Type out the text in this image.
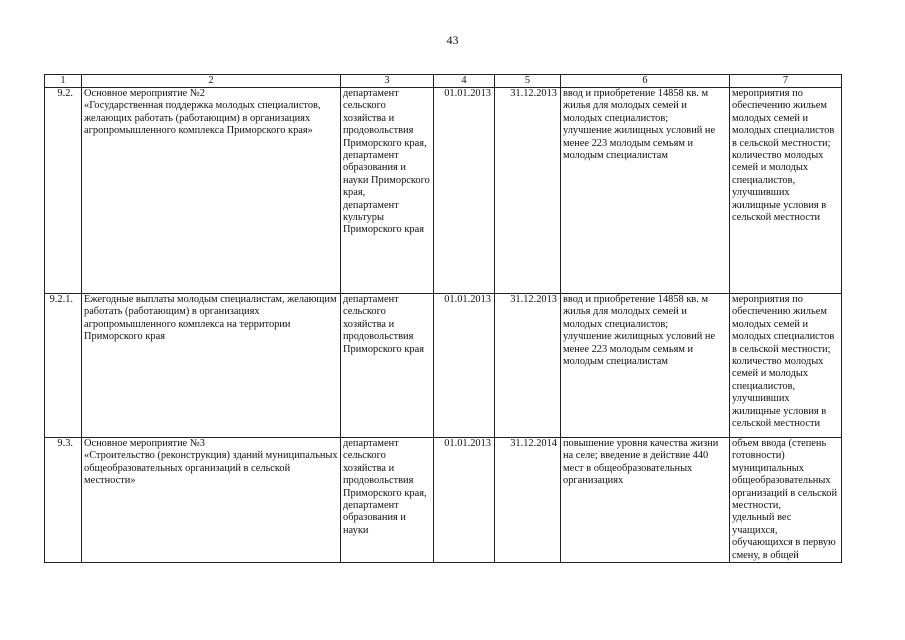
43
1	2	3	4	5	6	7
9.2.	Основное мероприятие №2
«Государственная поддержка молодых специалистов, желающих работать (работающим) в организациях агропромышленного комплекса Приморского края»	департамент сельского хозяйства и продовольствия Приморского края,
департамент образования и науки Приморского края,
департамент культуры Приморского края	01.01.2013	31.12.2013	ввод и приобретение 14858 кв. м жилья для молодых семей и молодых специалистов;
улучшение жилищных условий не менее 223 молодым семьям и молодым специалистам	мероприятия по обеспечению жильем молодых семей и молодых специалистов в сельской местности;
количество молодых семей и молодых специалистов, улучшивших жилищные условия в сельской местности
9.2.1.	Ежегодные выплаты молодым специалистам, желающим работать (работающим) в организациях агропромышленного комплекса на территории Приморского края	департамент сельского хозяйства и продовольствия Приморского края	01.01.2013	31.12.2013	ввод и приобретение 14858 кв. м жилья для молодых семей и молодых специалистов;
улучшение жилищных условий не менее 223 молодым семьям и молодым специалистам	мероприятия по обеспечению жильем молодых семей и молодых специалистов в сельской местности;
количество молодых семей и молодых специалистов, улучшивших жилищные условия в сельской местности
9.3.	Основное мероприятие №3
«Строительство (реконструкция) зданий муниципальных общеобразовательных организаций в сельской местности»	департамент сельского хозяйства и продовольствия Приморского края,
департамент образования и науки	01.01.2013	31.12.2014	повышение уровня качества жизни на селе; введение в действие 440 мест в общеобразовательных организациях	объем ввода (степень готовности) муниципальных общеобразовательных организаций в сельской местности,
удельный вес учащихся, обучающихся в первую смену, в общей
